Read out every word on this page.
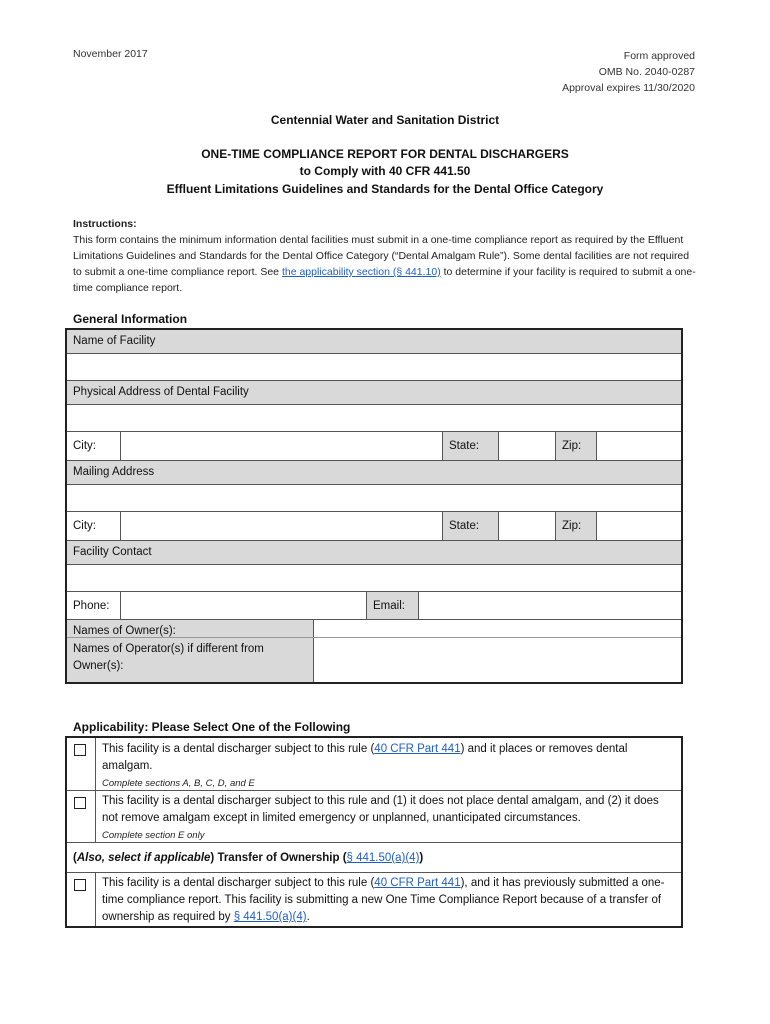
November 2017	Form approved
OMB No. 2040-0287
Approval expires 11/30/2020
Centennial Water and Sanitation District
ONE-TIME COMPLIANCE REPORT FOR DENTAL DISCHARGERS
to Comply with 40 CFR 441.50
Effluent Limitations Guidelines and Standards for the Dental Office Category
Instructions:
This form contains the minimum information dental facilities must submit in a one-time compliance report as required by the Effluent Limitations Guidelines and Standards for the Dental Office Category (“Dental Amalgam Rule”). Some dental facilities are not required to submit a one-time compliance report. See the applicability section (§ 441.10) to determine if your facility is required to submit a one-time compliance report.
General Information
Name of Facility
Physical Address of Dental Facility
City:	State:	Zip:
Mailing Address
City:	State:	Zip:
Facility Contact
Phone:	Email:
Names of Owner(s):
Names of Operator(s) if different from Owner(s):
Applicability: Please Select One of the Following
This facility is a dental discharger subject to this rule (40 CFR Part 441) and it places or removes dental amalgam.
Complete sections A, B, C, D, and E
This facility is a dental discharger subject to this rule and (1) it does not place dental amalgam, and (2) it does not remove amalgam except in limited emergency or unplanned, unanticipated circumstances.
Complete section E only
(Also, select if applicable) Transfer of Ownership (§ 441.50(a)(4))
This facility is a dental discharger subject to this rule (40 CFR Part 441), and it has previously submitted a one-time compliance report. This facility is submitting a new One Time Compliance Report because of a transfer of ownership as required by § 441.50(a)(4).
